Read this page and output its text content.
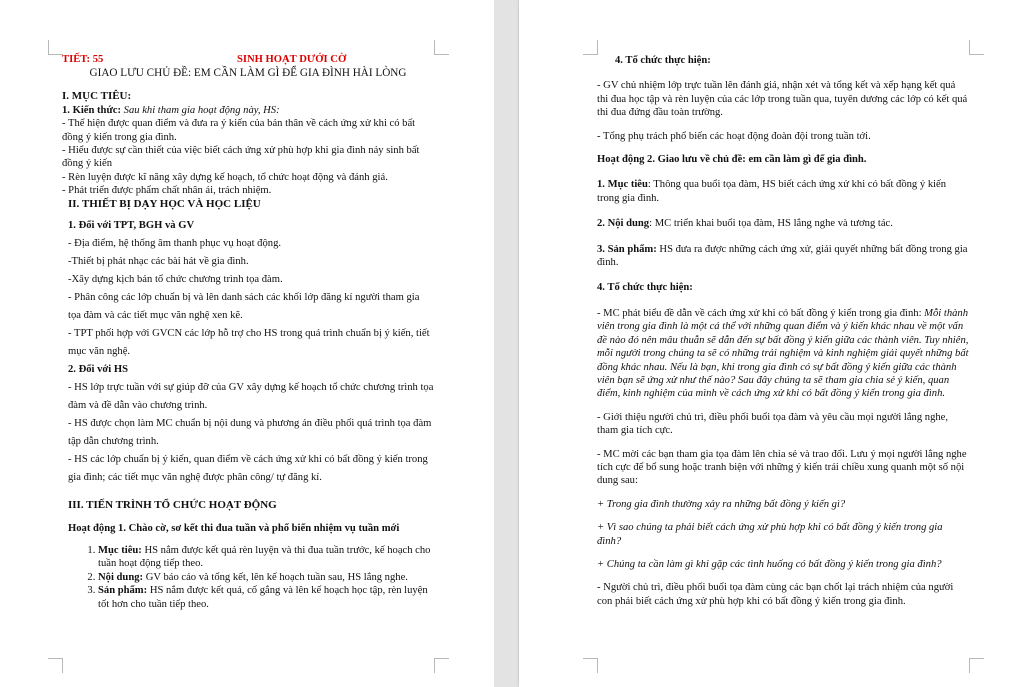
TIẾT: 55	SINH HOẠT DƯỚI CỜ

GIAO LƯU CHỦ ĐỀ: EM CẦN LÀM GÌ ĐỂ GIA ĐÌNH HÀI LÒNG

I. MỤC TIÊU:

1. Kiến thức: Sau khi tham gia hoạt động này, HS:

- Thể hiện được quan điểm và đưa ra ý kiến của bản thân về cách ứng xử khi có bất đồng ý kiến trong gia đình.

- Hiểu được sự cần thiết của việc biết cách ứng xử phù hợp khi gia đình nảy sinh bất đồng ý kiến

- Rèn luyện được kĩ năng xây dựng kế hoạch, tổ chức hoạt động và đánh giá.

- Phát triển được phẩm chất nhân ái, trách nhiệm.

II. THIẾT BỊ DẠY HỌC VÀ HỌC LIỆU

1. Đối với TPT, BGH và GV

- Địa điểm, hệ thống âm thanh phục vụ hoạt động.

-Thiết bị phát nhạc các bài hát về gia đình.

-Xây dựng kịch bản tổ chức chương trình tọa đàm.

- Phân công các lớp chuẩn bị và lên danh sách các khối lớp đăng kí người tham gia tọa đàm và các tiết mục văn nghệ xen kẽ.

- TPT phối hợp với GVCN các lớp hỗ trợ cho HS trong quá trình chuẩn bị ý kiến, tiết mục văn nghệ.

2. Đối với HS

- HS lớp trực tuần với sự giúp đỡ của GV xây dựng kế hoạch tổ chức chương trình tọa đàm và đề dẫn vào chương trình.

- HS được chọn làm MC chuẩn bị nội dung và phương án điều phối quá trình tọa đàm tập dẫn chương trình.

- HS các lớp chuẩn bị ý kiến, quan điểm về cách ứng xử khi có bất đồng ý kiến trong gia đình; các tiết mục văn nghệ được phân công/ tự đăng kí.

III. TIẾN TRÌNH TỔ CHỨC HOẠT ĐỘNG

Hoạt động 1. Chào cờ, sơ kết thi đua tuần và phổ biến nhiệm vụ tuần mới

1. Mục tiêu: HS nắm được kết quả rèn luyện và thi đua tuần trước, kế hoạch cho tuần hoạt động tiếp theo.
2. Nội dung: GV báo cáo và tổng kết, lên kế hoạch tuần sau, HS lắng nghe.
3. Sản phẩm: HS nắm được kết quả, cố gắng và lên kế hoạch học tập, rèn luyện tốt hơn cho tuần tiếp theo.

4. Tổ chức thực hiện:

- GV chủ nhiệm lớp trực tuần lên đánh giá, nhận xét và tổng kết và xếp hạng kết quả thi đua học tập và rèn luyện của các lớp trong tuần qua, tuyên dương các lớp có kết quả thi đua đứng đầu toàn trường.

- Tổng phụ trách phổ biến các hoạt động đoàn đội trong tuần tới.

Hoạt động 2. Giao lưu về chủ đề: em cần làm gì để gia đình.

1. Mục tiêu: Thông qua buổi tọa đàm, HS biết cách ứng xử khi có bất đồng ý kiến trong gia đình.

2. Nội dung: MC triển khai buổi tọa đàm, HS lắng nghe và tương tác.

3. Sản phẩm: HS đưa ra được những cách ứng xử, giải quyết những bất đồng trong gia đình.

4. Tổ chức thực hiện:

- MC phát biểu đề dẫn về cách ứng xử khi có bất đồng ý kiến trong gia đình: Mỗi thành viên trong gia đình là một cá thể với những quan điểm và ý kiến khác nhau về một vấn đề nào đó nên mâu thuẫn sẽ dẫn đến sự bất đồng ý kiến giữa các thành viên. Tuy nhiên, mỗi người trong chúng ta sẽ có những trải nghiệm và kinh nghiệm giải quyết những bất đồng khác nhau. Nếu là bạn, khi trong gia đình có sự bất đồng ý kiến giữa các thành viên bạn sẽ ứng xử như thế nào? Sau đây chúng ta sẽ tham gia chia sẻ ý kiến, quan điểm, kinh nghiệm của mình về cách ứng xử khi có bất đồng ý kiến trong gia đình.

- Giới thiệu người chủ trì, điều phối buổi tọa đàm và yêu cầu mọi người lắng nghe, tham gia tích cực.

- MC mời các bạn tham gia tọa đàm lên chia sẻ và trao đổi. Lưu ý mọi người lắng nghe tích cực để bổ sung hoặc tranh biện với những ý kiến trái chiều xung quanh một số nội dung sau:

+ Trong gia đình thường xảy ra những bất đồng ý kiến gì?

+ Vì sao chúng ta phải biết cách ứng xử phù hợp khi có bất đồng ý kiến trong gia đình?

+ Chúng ta cần làm gì khi gặp các tình huống có bất đồng ý kiến trong gia đình?

- Người chủ trì, điều phối buổi tọa đàm cùng các bạn chốt lại trách nhiệm của người con phải biết cách ứng xử phù hợp khi có bất đồng ý kiến trong gia đình.
